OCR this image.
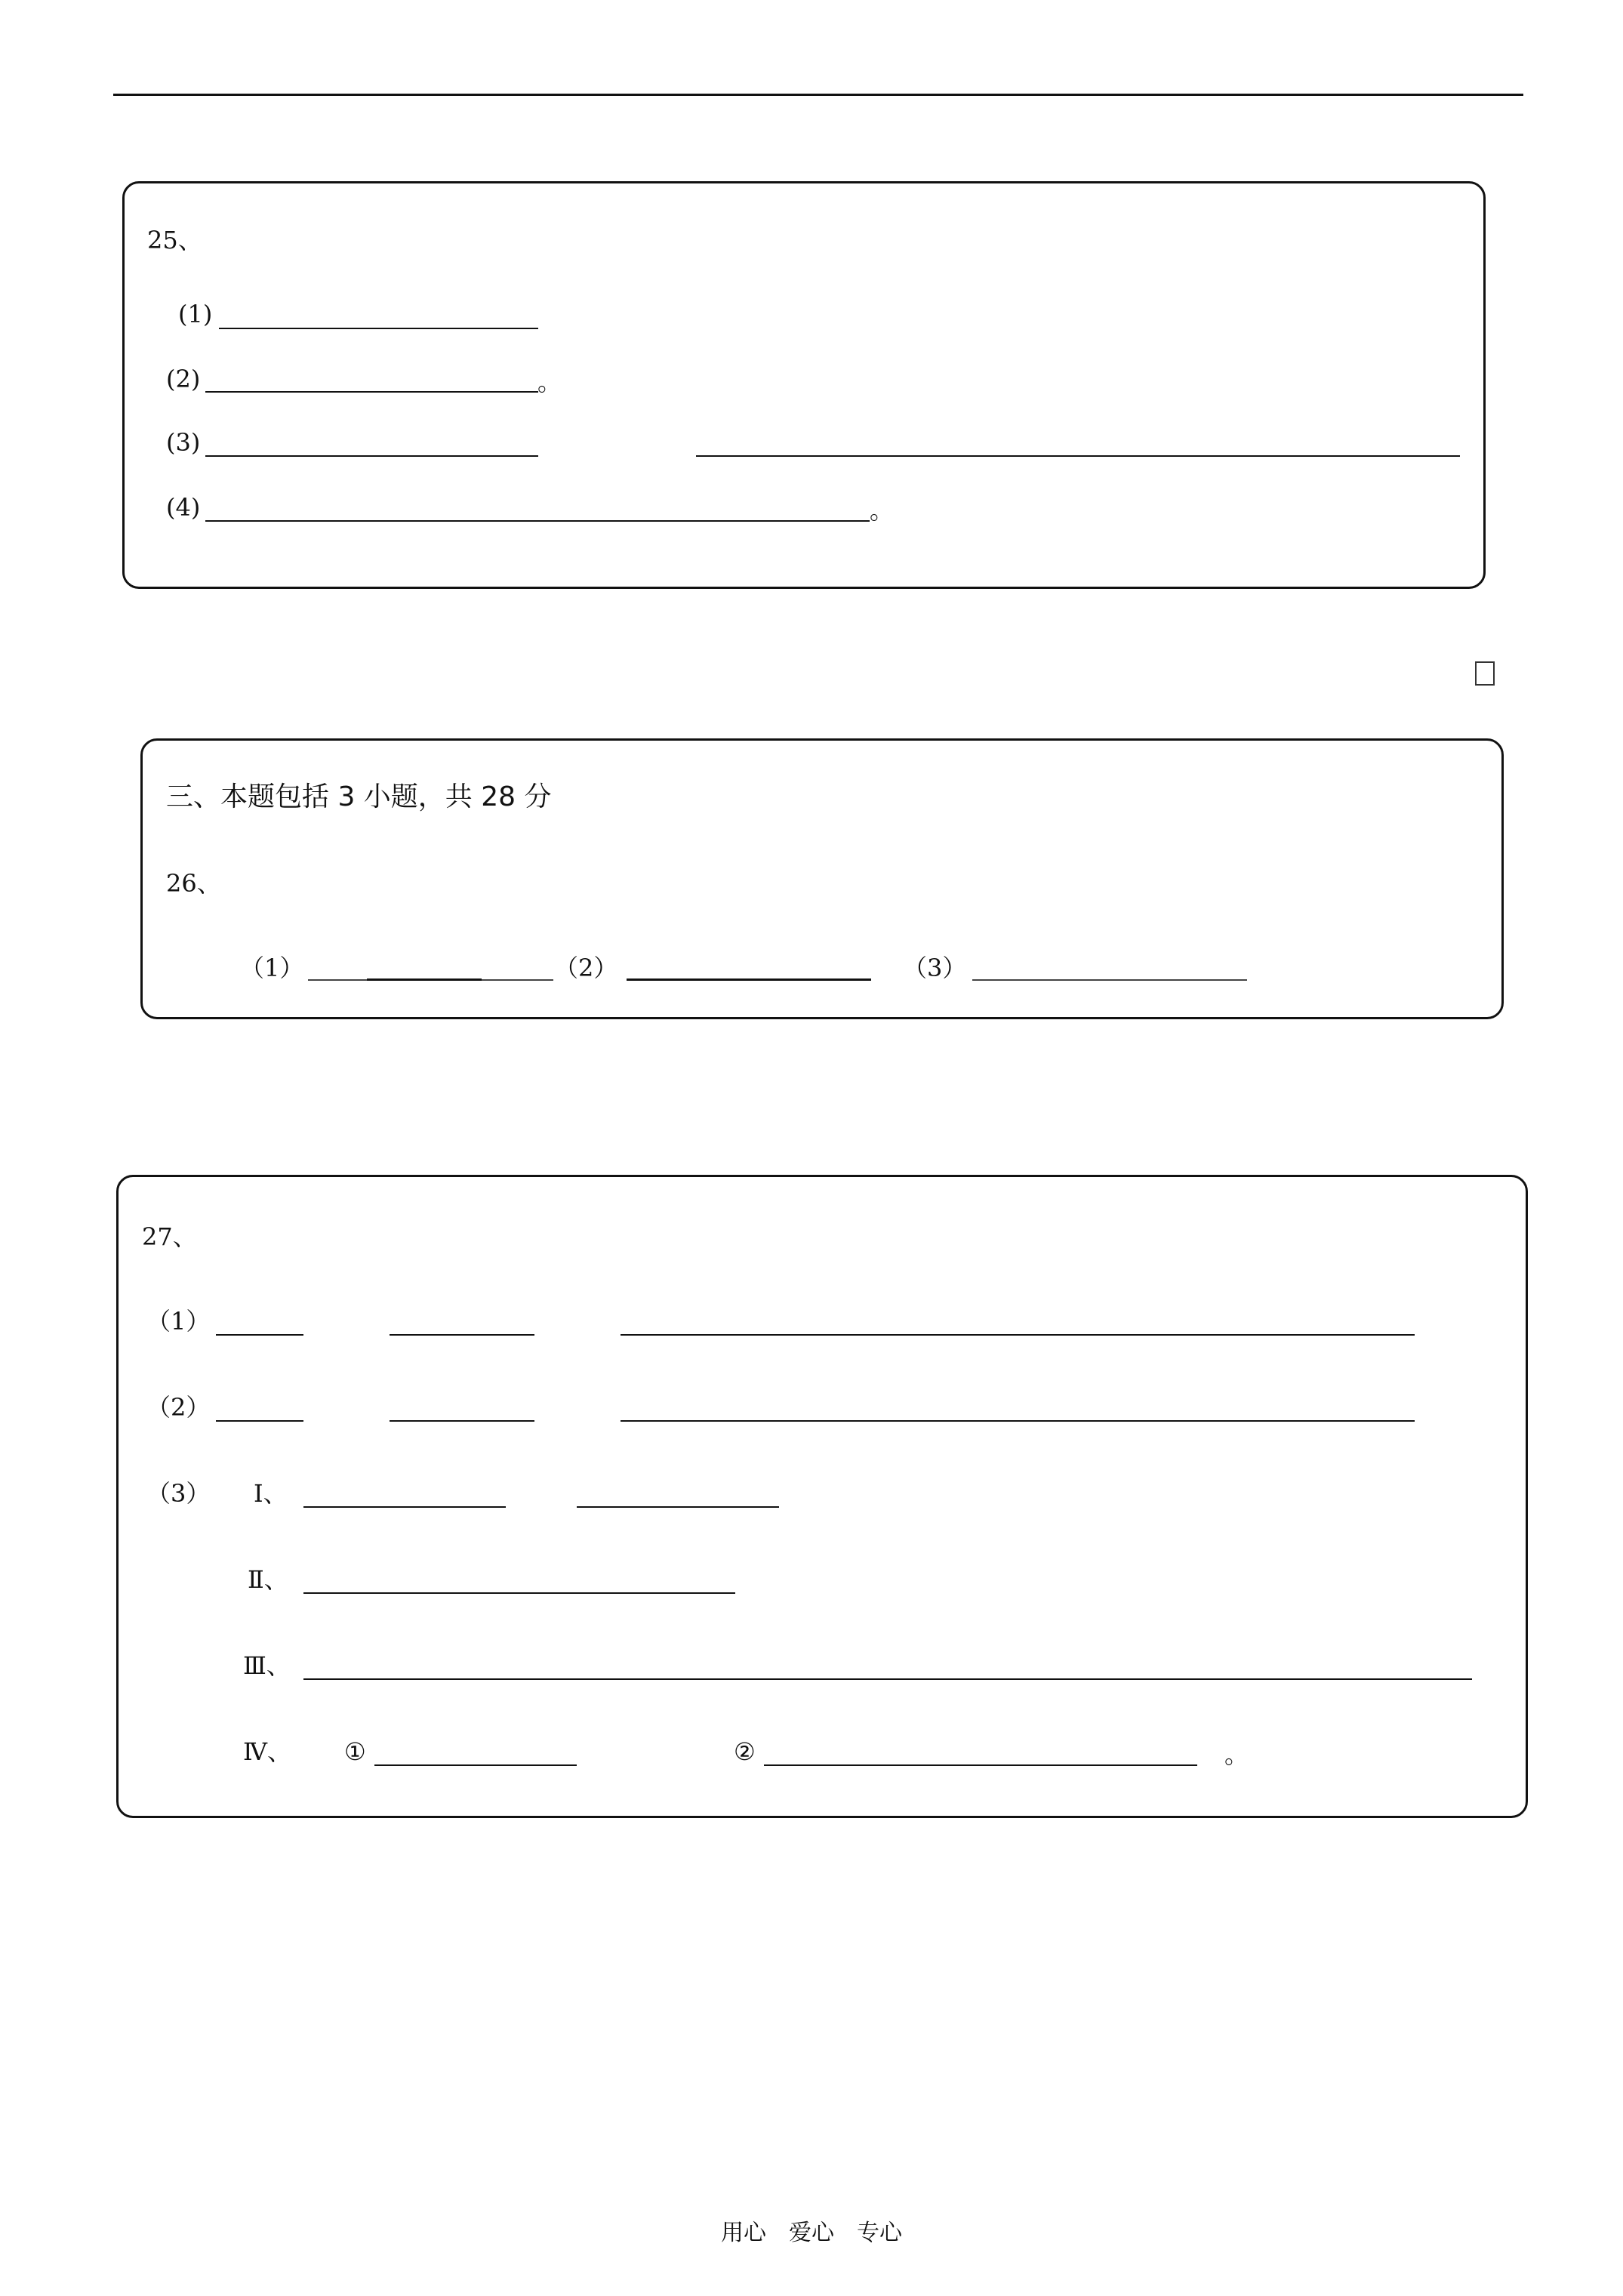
25、
(1)
(2)	。
(3)
(4)	。
三、本题包括 3 小题，共 28 分
26、
（1）	（2）	（3）
27、
（1）
（2）
（3） Ⅰ、
Ⅱ、
Ⅲ、
Ⅳ、 ①	②	。
用心　爱心　专心
